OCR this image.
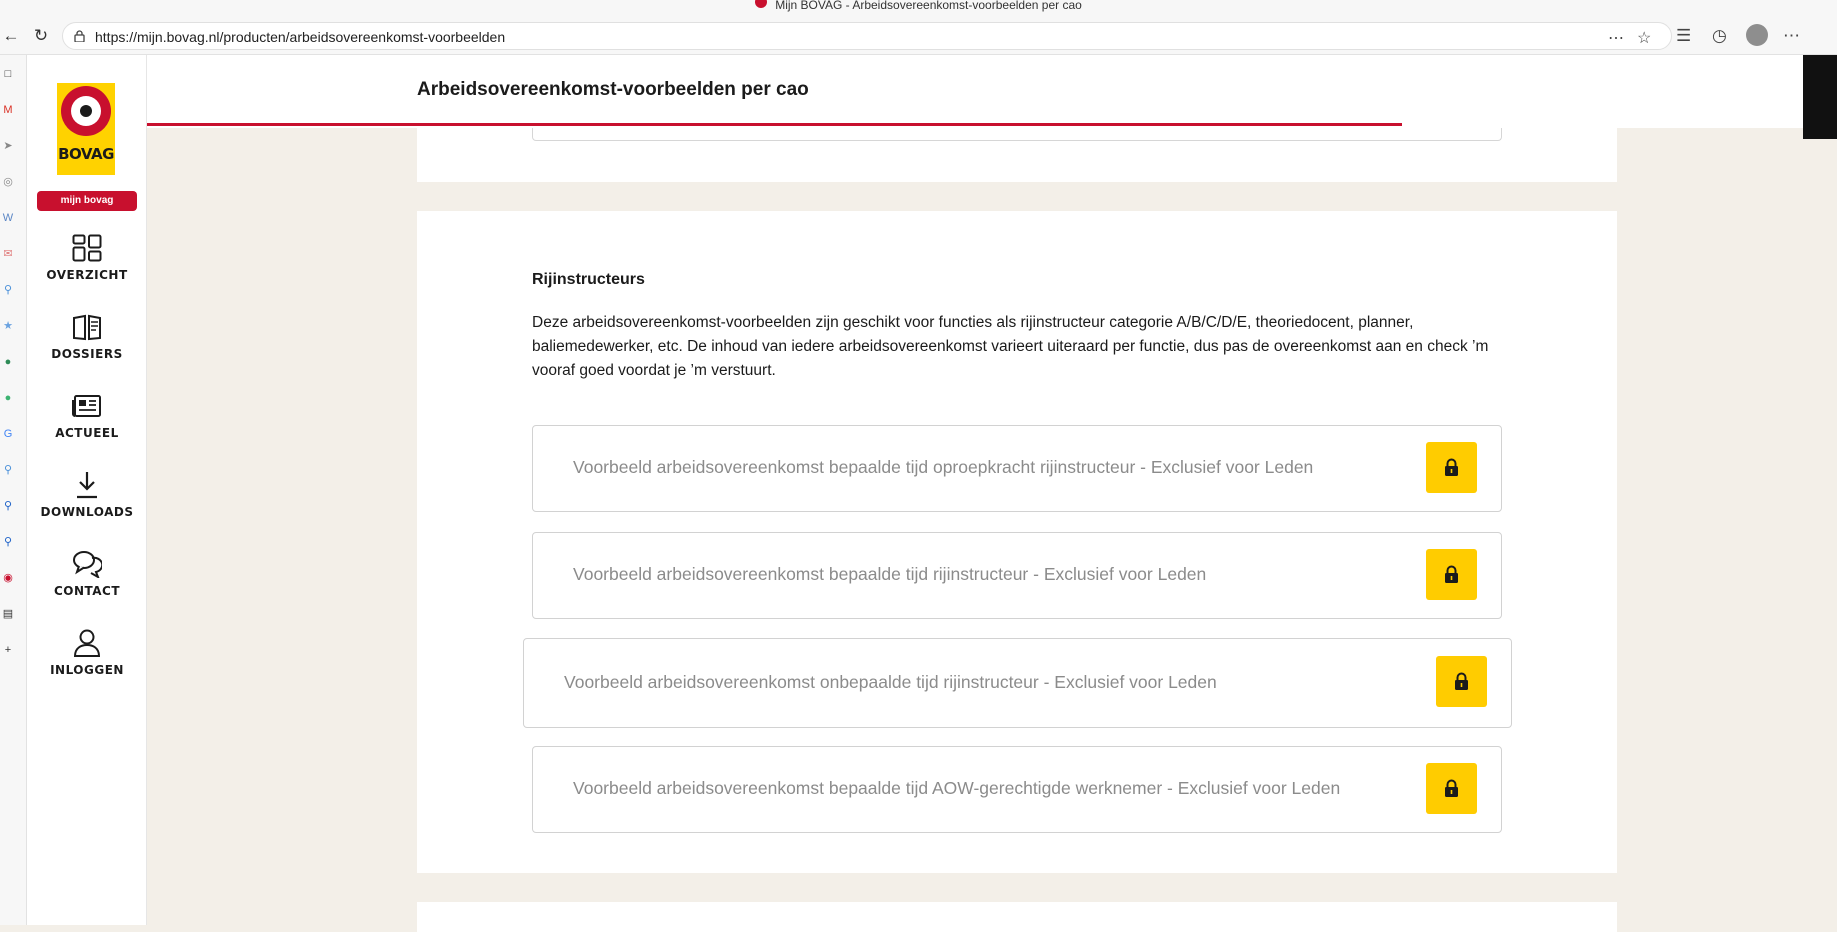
Mijn BOVAG - Arbeidsovereenkomst-voorbeelden per cao
← ↻	https://mijn.bovag.nl/producten/arbeidsovereenkomst-voorbeelden	⋯ ☆ ☰ ◷	⋯
□
M
➤
◎
W
✉
⚲
★
●
●
G
⚲
⚲
⚲
◉
▤
+
BOVAG
mijn bovag
OVERZICHT
DOSSIERS
ACTUEEL
DOWNLOADS
CONTACT
INLOGGEN
Arbeidsovereenkomst-voorbeelden per cao
Rijinstructeurs

Deze arbeidsovereenkomst-voorbeelden zijn geschikt voor functies als rijinstructeur categorie A/B/C/D/E, theoriedocent, planner, baliemedewerker, etc. De inhoud van iedere arbeidsovereenkomst varieert uiteraard per functie, dus pas de overeenkomst aan en check ’m vooraf goed voordat je ’m verstuurt.

Voorbeeld arbeidsovereenkomst bepaalde tijd oproepkracht rijinstructeur - Exclusief voor Leden
Voorbeeld arbeidsovereenkomst bepaalde tijd rijinstructeur - Exclusief voor Leden
Voorbeeld arbeidsovereenkomst onbepaalde tijd rijinstructeur - Exclusief voor Leden
Voorbeeld arbeidsovereenkomst bepaalde tijd AOW-gerechtigde werknemer - Exclusief voor Leden
